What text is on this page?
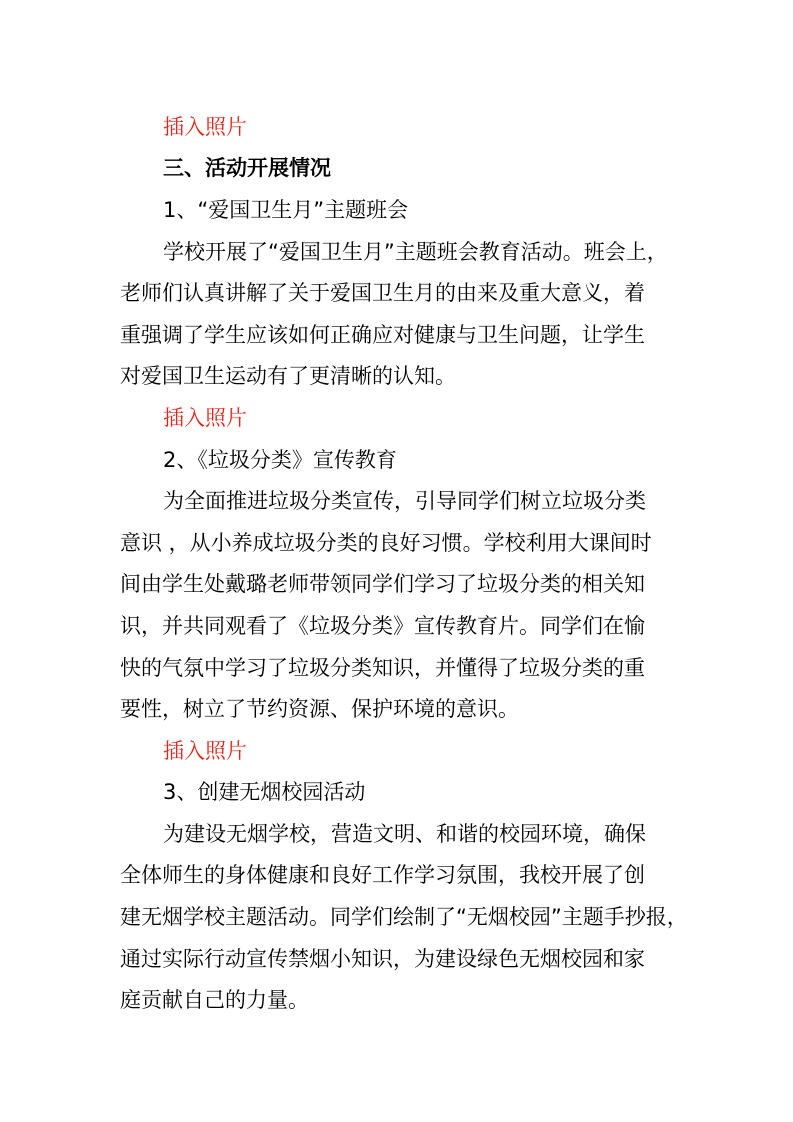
插入照片
三、活动开展情况
1、“爱国卫生月”主题班会
学校开展了“爱国卫生月”主题班会教育活动。班会上，
老师们认真讲解了关于爱国卫生月的由来及重大意义，着
重强调了学生应该如何正确应对健康与卫生问题，让学生
对爱国卫生运动有了更清晰的认知。
插入照片
2、《垃圾分类》宣传教育
为全面推进垃圾分类宣传，引导同学们树立垃圾分类
意识 ，从小养成垃圾分类的良好习惯。学校利用大课间时
间由学生处戴璐老师带领同学们学习了垃圾分类的相关知
识，并共同观看了《垃圾分类》宣传教育片。同学们在愉
快的气氛中学习了垃圾分类知识，并懂得了垃圾分类的重
要性，树立了节约资源、保护环境的意识。
插入照片
3、创建无烟校园活动
为建设无烟学校，营造文明、和谐的校园环境，确保
全体师生的身体健康和良好工作学习氛围，我校开展了创
建无烟学校主题活动。同学们绘制了“无烟校园”主题手抄报，
通过实际行动宣传禁烟小知识，为建设绿色无烟校园和家
庭贡献自己的力量。
